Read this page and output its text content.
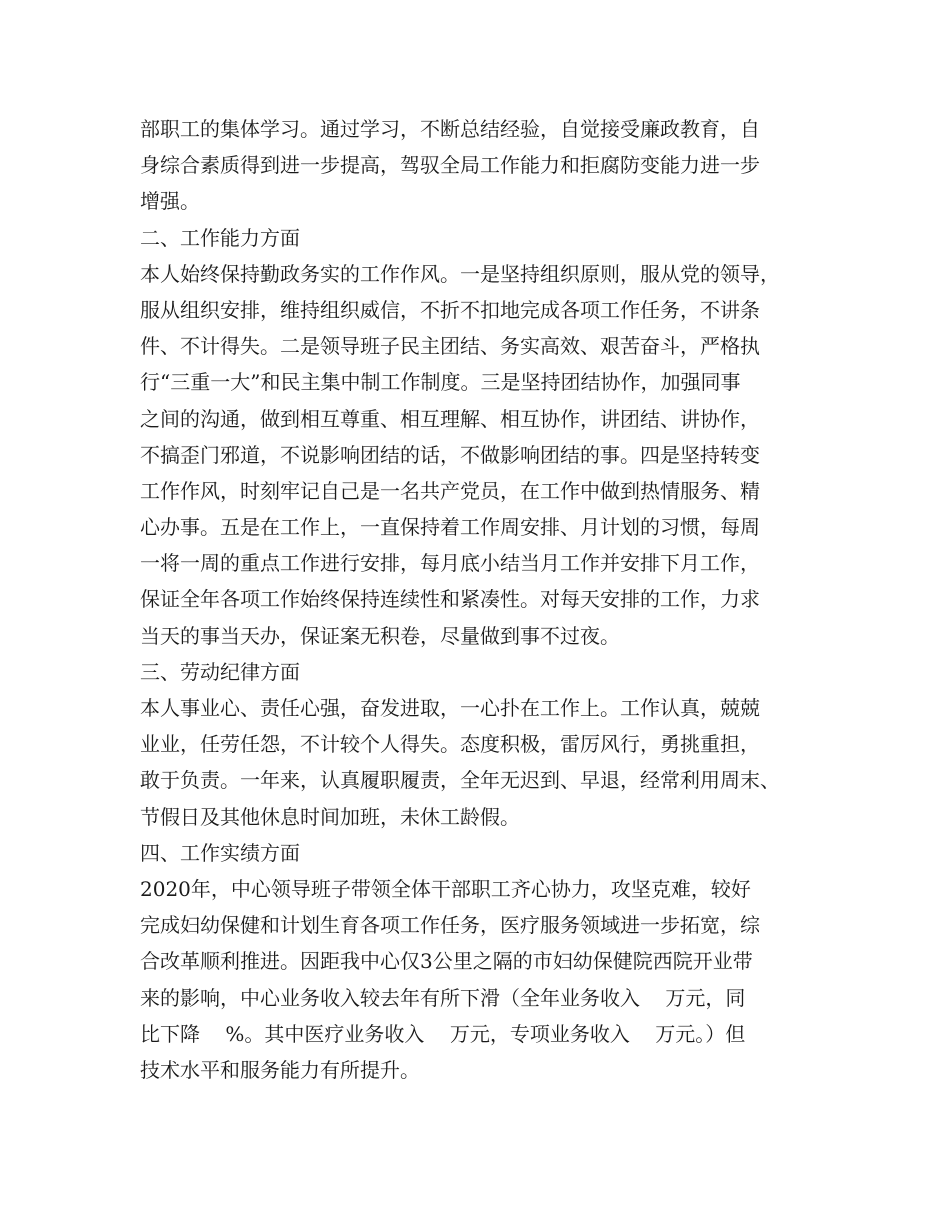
部职工的集体学习。通过学习，不断总结经验，自觉接受廉政教育，自
身综合素质得到进一步提高，驾驭全局工作能力和拒腐防变能力进一步
增强。
二、工作能力方面
本人始终保持勤政务实的工作作风。一是坚持组织原则，服从党的领导，
服从组织安排，维持组织威信，不折不扣地完成各项工作任务，不讲条
件、不计得失。二是领导班子民主团结、务实高效、艰苦奋斗，严格执
行“三重一大”和民主集中制工作制度。三是坚持团结协作，加强同事
之间的沟通，做到相互尊重、相互理解、相互协作，讲团结、讲协作，
不搞歪门邪道，不说影响团结的话，不做影响团结的事。四是坚持转变
工作作风，时刻牢记自己是一名共产党员，在工作中做到热情服务、精
心办事。五是在工作上，一直保持着工作周安排、月计划的习惯，每周
一将一周的重点工作进行安排，每月底小结当月工作并安排下月工作，
保证全年各项工作始终保持连续性和紧凑性。对每天安排的工作，力求
当天的事当天办，保证案无积卷，尽量做到事不过夜。
三、劳动纪律方面
本人事业心、责任心强，奋发进取，一心扑在工作上。工作认真，兢兢
业业，任劳任怨，不计较个人得失。态度积极，雷厉风行，勇挑重担，
敢于负责。一年来，认真履职履责，全年无迟到、早退，经常利用周末、
节假日及其他休息时间加班，未休工龄假。
四、工作实绩方面
2020年，中心领导班子带领全体干部职工齐心协力，攻坚克难，较好
完成妇幼保健和计划生育各项工作任务，医疗服务领域进一步拓宽，综
合改革顺利推进。因距我中心仅3公里之隔的市妇幼保健院西院开业带
来的影响，中心业务收入较去年有所下滑（全年业务收入    万元，同
比下降    %。其中医疗业务收入    万元，专项业务收入    万元。）但
技术水平和服务能力有所提升。
